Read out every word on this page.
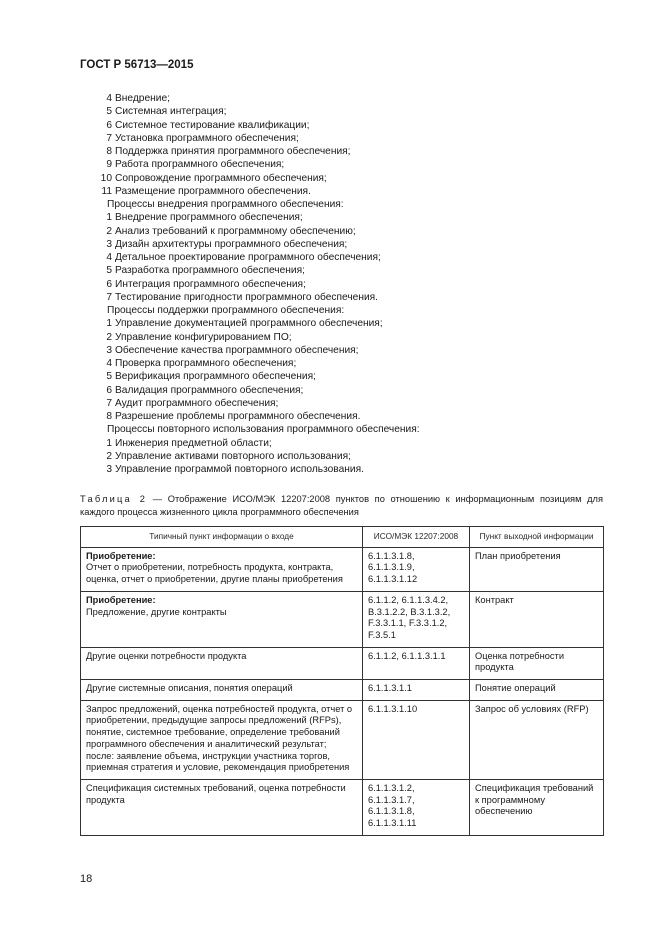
ГОСТ Р 56713—2015
4 Внедрение;
5 Системная интеграция;
6 Системное тестирование квалификации;
7 Установка программного обеспечения;
8 Поддержка принятия программного обеспечения;
9 Работа программного обеспечения;
10 Сопровождение программного обеспечения;
11 Размещение программного обеспечения.
Процессы внедрения программного обеспечения:
1 Внедрение программного обеспечения;
2 Анализ требований к программному обеспечению;
3 Дизайн архитектуры программного обеспечения;
4 Детальное проектирование программного обеспечения;
5 Разработка программного обеспечения;
6 Интеграция программного обеспечения;
7 Тестирование пригодности программного обеспечения.
Процессы поддержки программного обеспечения:
1 Управление документацией программного обеспечения;
2 Управление конфигурированием ПО;
3 Обеспечение качества программного обеспечения;
4 Проверка программного обеспечения;
5 Верификация программного обеспечения;
6 Валидация программного обеспечения;
7 Аудит программного обеспечения;
8 Разрешение проблемы программного обеспечения.
Процессы повторного использования программного обеспечения:
1 Инженерия предметной области;
2 Управление активами повторного использования;
3 Управление программой повторного использования.
Таблица 2 — Отображение ИСО/МЭК 12207:2008 пунктов по отношению к информационным позициям для каждого процесса жизненного цикла программного обеспечения
Типичный пункт информации о входе	ИСО/МЭК 12207:2008	Пункт выходной информации

Приобретение:
Отчет о приобретении, потребность продукта, контракта, оценка, отчет о приобретении, другие планы приобретения	6.1.1.3.1.8,
6.1.1.3.1.9,
6.1.1.3.1.12	План приобретения

Приобретение:
Предложение, другие контракты	6.1.1.2, 6.1.1.3.4.2,
B.3.1.2.2, B.3.1.3.2,
F.3.3.1.1, F.3.3.1.2,
F.3.5.1	Контракт
Другие оценки потребности продукта	6.1.1.2, 6.1.1.3.1.1	Оценка потребности продукта
Другие системные описания, понятия операций	6.1.1.3.1.1	Понятие операций
Запрос предложений, оценка потребностей продукта, отчет о приобретении, предыдущие запросы предложений (RFPs), понятие, системное требование, определение требований программного обеспечения и аналитический результат; после: заявление объема, инструкции участника торгов, приемная стратегия и условие, рекомендация приобретения	6.1.1.3.1.10	Запрос об условиях (RFP)
Спецификация системных требований, оценка потребности продукта	6.1.1.3.1.2,
6.1.1.3.1.7,
6.1.1.3.1.8,
6.1.1.3.1.11	Спецификация требований к программному обеспечению
18
